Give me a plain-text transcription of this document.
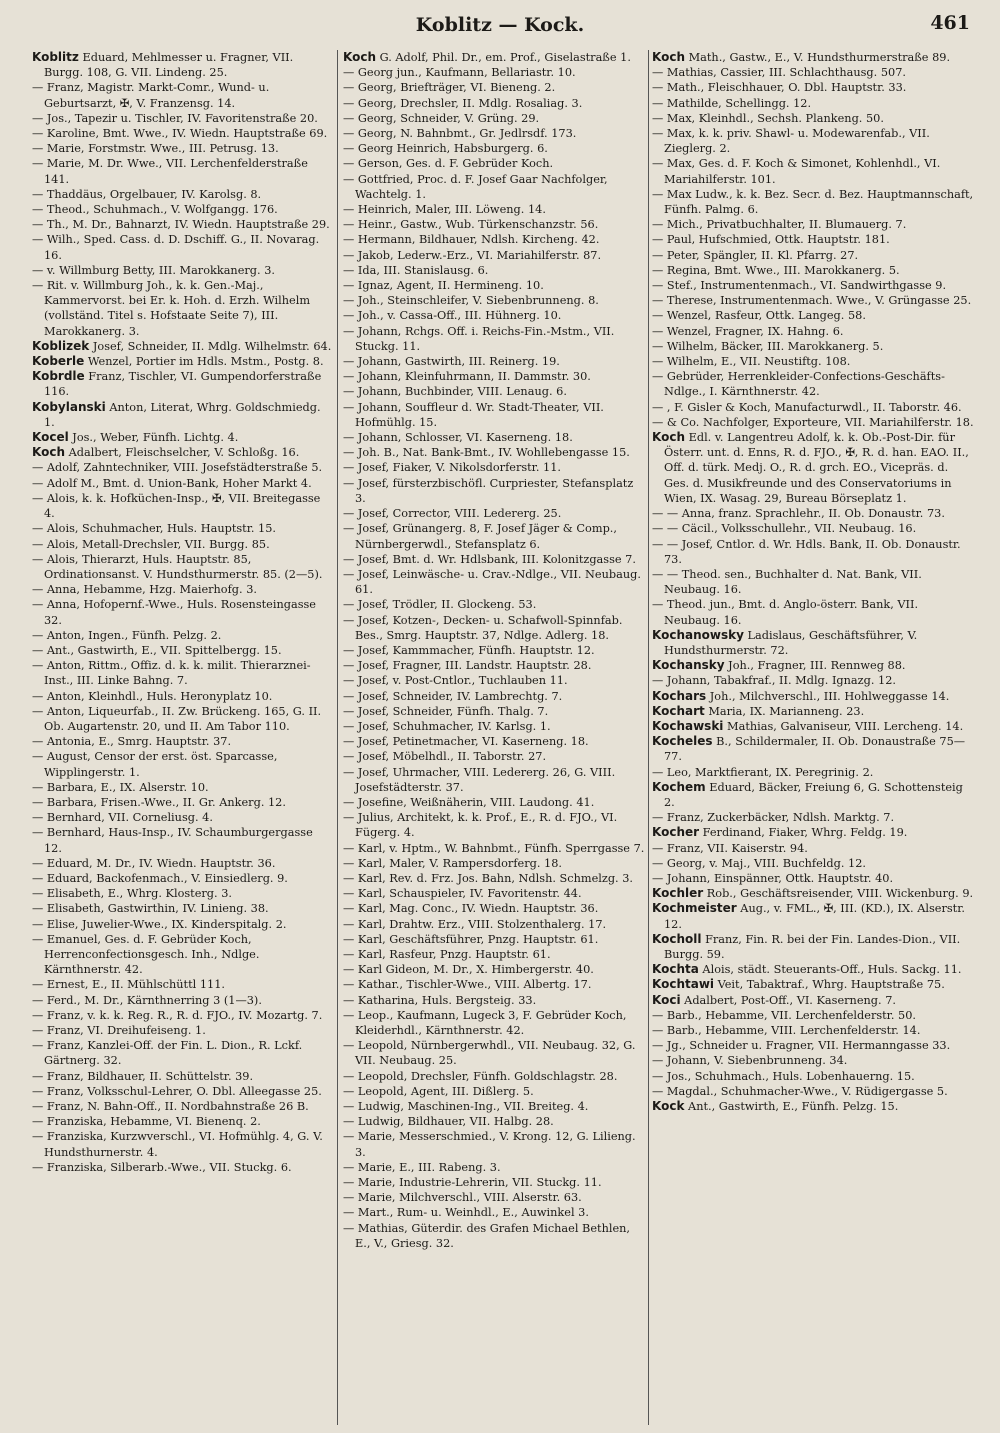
Koblitz — Kock.	461

Koblitz Eduard, Mehlmesser u. Fragner, VII. Burgg. 108, G. VII. Lindeng. 25.

— Franz, Magistr. Markt-Comr., Wund- u. Geburtsarzt, ✠, V. Franzensg. 14.

— Jos., Tapezir u. Tischler, IV. Favoritenstraße 20.

— Karoline, Bmt. Wwe., IV. Wiedn. Hauptstraße 69.

— Marie, Forstmstr. Wwe., III. Petrusg. 13.

— Marie, M. Dr. Wwe., VII. Lerchenfelderstraße 141.

— Thaddäus, Orgelbauer, IV. Karolsg. 8.

— Theod., Schuhmach., V. Wolfgangg. 176.

— Th., M. Dr., Bahnarzt, IV. Wiedn. Hauptstraße 29.

— Wilh., Sped. Cass. d. D. Dschiff. G., II. Novarag. 16.

— v. Willmburg Betty, III. Marokkanerg. 3.

— Rit. v. Willmburg Joh., k. k. Gen.-Maj., Kammervorst. bei Er. k. Hoh. d. Erzh. Wilhelm (vollständ. Titel s. Hofstaate Seite 7), III. Marokkanerg. 3.

Koblizek Josef, Schneider, II. Mdlg. Wilhelmstr. 64.

Koberle Wenzel, Portier im Hdls. Mstm., Postg. 8.

Kobrdle Franz, Tischler, VI. Gumpendorferstraße 116.

Kobylanski Anton, Literat, Whrg. Goldschmiedg. 1.

Kocel Jos., Weber, Fünfh. Lichtg. 4.

Koch Adalbert, Fleischselcher, V. Schloßg. 16.

— Adolf, Zahntechniker, VIII. Josefstädterstraße 5.

— Adolf M., Bmt. d. Union-Bank, Hoher Markt 4.

— Alois, k. k. Hofküchen-Insp., ✠, VII. Breitegasse 4.

— Alois, Schuhmacher, Huls. Hauptstr. 15.

— Alois, Metall-Drechsler, VII. Burgg. 85.

— Alois, Thierarzt, Huls. Hauptstr. 85, Ordinationsanst. V. Hundsthurmerstr. 85. (2—5).

— Anna, Hebamme, Hzg. Maierhofg. 3.

— Anna, Hofopernf.-Wwe., Huls. Rosensteingasse 32.

— Anton, Ingen., Fünfh. Pelzg. 2.

— Ant., Gastwirth, E., VII. Spittelbergg. 15.

— Anton, Rittm., Offiz. d. k. k. milit. Thierarznei-Inst., III. Linke Bahng. 7.

— Anton, Kleinhdl., Huls. Heronyplatz 10.

— Anton, Liqueurfab., II. Zw. Brückeng. 165, G. II. Ob. Augartenstr. 20, und II. Am Tabor 110.

— Antonia, E., Smrg. Hauptstr. 37.

— August, Censor der erst. öst. Sparcasse, Wipplingerstr. 1.

— Barbara, E., IX. Alserstr. 10.

— Barbara, Frisen.-Wwe., II. Gr. Ankerg. 12.

— Bernhard, VII. Corneliusg. 4.

— Bernhard, Haus-Insp., IV. Schaumburgergasse 12.

— Eduard, M. Dr., IV. Wiedn. Hauptstr. 36.

— Eduard, Backofenmach., V. Einsiedlerg. 9.

— Elisabeth, E., Whrg. Klosterg. 3.

— Elisabeth, Gastwirthin, IV. Linieng. 38.

— Elise, Juwelier-Wwe., IX. Kinderspitalg. 2.

— Emanuel, Ges. d. F. Gebrüder Koch, Herrenconfectionsgesch. Inh., Ndlge. Kärnthnerstr. 42.

— Ernest, E., II. Mühlschüttl 111.

— Ferd., M. Dr., Kärnthnerring 3 (1—3).

— Franz, v. k. k. Reg. R., R. d. FJO., IV. Mozartg. 7.

— Franz, VI. Dreihufeiseng. 1.

— Franz, Kanzlei-Off. der Fin. L. Dion., R. Lckf. Gärtnerg. 32.

— Franz, Bildhauer, II. Schüttelstr. 39.

— Franz, Volksschul-Lehrer, O. Dbl. Alleegasse 25.

— Franz, N. Bahn-Off., II. Nordbahnstraße 26 B.

— Franziska, Hebamme, VI. Bienenq. 2.

— Franziska, Kurzwverschl., VI. Hofmühlg. 4, G. V. Hundsthurnerstr. 4.

— Franziska, Silberarb.-Wwe., VII. Stuckg. 6.

Koch G. Adolf, Phil. Dr., em. Prof., Giselastraße 1.

— Georg jun., Kaufmann, Bellariastr. 10.

— Georg, Briefträger, VI. Bieneng. 2.

— Georg, Drechsler, II. Mdlg. Rosaliag. 3.

— Georg, Schneider, V. Grüng. 29.

— Georg, N. Bahnbmt., Gr. Jedlrsdf. 173.

— Georg Heinrich, Habsburgerg. 6.

— Gerson, Ges. d. F. Gebrüder Koch.

— Gottfried, Proc. d. F. Josef Gaar Nachfolger, Wachtelg. 1.

— Heinrich, Maler, III. Löweng. 14.

— Heinr., Gastw., Wub. Türkenschanzstr. 56.

— Hermann, Bildhauer, Ndlsh. Kircheng. 42.

— Jakob, Lederw.-Erz., VI. Mariahilferstr. 87.

— Ida, III. Stanislausg. 6.

— Ignaz, Agent, II. Hermineng. 10.

— Joh., Steinschleifer, V. Siebenbrunneng. 8.

— Joh., v. Cassa-Off., III. Hühnerg. 10.

— Johann, Rchgs. Off. i. Reichs-Fin.-Mstm., VII. Stuckg. 11.

— Johann, Gastwirth, III. Reinerg. 19.

— Johann, Kleinfuhrmann, II. Dammstr. 30.

— Johann, Buchbinder, VIII. Lenaug. 6.

— Johann, Souffleur d. Wr. Stadt-Theater, VII. Hofmühlg. 15.

— Johann, Schlosser, VI. Kaserneng. 18.

— Joh. B., Nat. Bank-Bmt., IV. Wohllebengasse 15.

— Josef, Fiaker, V. Nikolsdorferstr. 11.

— Josef, fürsterzbischöfl. Curpriester, Stefansplatz 3.

— Josef, Corrector, VIII. Ledererg. 25.

— Josef, Grünangerg. 8, F. Josef Jäger & Comp., Nürnbergerwdl., Stefansplatz 6.

— Josef, Bmt. d. Wr. Hdlsbank, III. Kolonitzgasse 7.

— Josef, Leinwäsche- u. Crav.-Ndlge., VII. Neubaug. 61.

— Josef, Trödler, II. Glockeng. 53.

— Josef, Kotzen-, Decken- u. Schafwoll-Spinnfab. Bes., Smrg. Hauptstr. 37, Ndlge. Adlerg. 18.

— Josef, Kammmacher, Fünfh. Hauptstr. 12.

— Josef, Fragner, III. Landstr. Hauptstr. 28.

— Josef, v. Post-Cntlor., Tuchlauben 11.

— Josef, Schneider, IV. Lambrechtg. 7.

— Josef, Schneider, Fünfh. Thalg. 7.

— Josef, Schuhmacher, IV. Karlsg. 1.

— Josef, Petinetmacher, VI. Kaserneng. 18.

— Josef, Möbelhdl., II. Taborstr. 27.

— Josef, Uhrmacher, VIII. Ledererg. 26, G. VIII. Josefstädterstr. 37.

— Josefine, Weißnäherin, VIII. Laudong. 41.

— Julius, Architekt, k. k. Prof., E., R. d. FJO., VI. Fügerg. 4.

— Karl, v. Hptm., W. Bahnbmt., Fünfh. Sperrgasse 7.

— Karl, Maler, V. Rampersdorferg. 18.

— Karl, Rev. d. Frz. Jos. Bahn, Ndlsh. Schmelzg. 3.

— Karl, Schauspieler, IV. Favoritenstr. 44.

— Karl, Mag. Conc., IV. Wiedn. Hauptstr. 36.

— Karl, Drahtw. Erz., VIII. Stolzenthalerg. 17.

— Karl, Geschäftsführer, Pnzg. Hauptstr. 61.

— Karl, Rasfeur, Pnzg. Hauptstr. 61.

— Karl Gideon, M. Dr., X. Himbergerstr. 40.

— Kathar., Tischler-Wwe., VIII. Albertg. 17.

— Katharina, Huls. Bergsteig. 33.

— Leop., Kaufmann, Lugeck 3, F. Gebrüder Koch, Kleiderhdl., Kärnthnerstr. 42.

— Leopold, Nürnbergerwhdl., VII. Neubaug. 32, G. VII. Neubaug. 25.

— Leopold, Drechsler, Fünfh. Goldschlagstr. 28.

— Leopold, Agent, III. Dißlerg. 5.

— Ludwig, Maschinen-Ing., VII. Breiteg. 4.

— Ludwig, Bildhauer, VII. Halbg. 28.

— Marie, Messerschmied., V. Krong. 12, G. Lilieng. 3.

— Marie, E., III. Rabeng. 3.

— Marie, Industrie-Lehrerin, VII. Stuckg. 11.

— Marie, Milchverschl., VIII. Alserstr. 63.

— Mart., Rum- u. Weinhdl., E., Auwinkel 3.

— Mathias, Güterdir. des Grafen Michael Bethlen, E., V., Griesg. 32.

Koch Math., Gastw., E., V. Hundsthurmerstraße 89.

— Mathias, Cassier, III. Schlachthausg. 507.

— Math., Fleischhauer, O. Dbl. Hauptstr. 33.

— Mathilde, Schellingg. 12.

— Max, Kleinhdl., Sechsh. Plankeng. 50.

— Max, k. k. priv. Shawl- u. Modewarenfab., VII. Zieglerg. 2.

— Max, Ges. d. F. Koch & Simonet, Kohlenhdl., VI. Mariahilferstr. 101.

— Max Ludw., k. k. Bez. Secr. d. Bez. Hauptmannschaft, Fünfh. Palmg. 6.

— Mich., Privatbuchhalter, II. Blumauerg. 7.

— Paul, Hufschmied, Ottk. Hauptstr. 181.

— Peter, Spängler, II. Kl. Pfarrg. 27.

— Regina, Bmt. Wwe., III. Marokkanerg. 5.

— Stef., Instrumentenmach., VI. Sandwirthgasse 9.

— Therese, Instrumentenmach. Wwe., V. Grüngasse 25.

— Wenzel, Rasfeur, Ottk. Langeg. 58.

— Wenzel, Fragner, IX. Hahng. 6.

— Wilhelm, Bäcker, III. Marokkanerg. 5.

— Wilhelm, E., VII. Neustiftg. 108.

— Gebrüder, Herrenkleider-Confections-Geschäfts-Ndlge., I. Kärnthnerstr. 42.

— , F. Gisler & Koch, Manufacturwdl., II. Taborstr. 46.

— & Co. Nachfolger, Exporteure, VII. Mariahilferstr. 18.

Koch Edl. v. Langentreu Adolf, k. k. Ob.-Post-Dir. für Österr. unt. d. Enns, R. d. FJO., ✠, R. d. han. EAO. II., Off. d. türk. Medj. O., R. d. grch. EO., Vicepräs. d. Ges. d. Musikfreunde und des Conservatoriums in Wien, IX. Wasag. 29, Bureau Börseplatz 1.

— — Anna, franz. Sprachlehr., II. Ob. Donaustr. 73.

— — Cäcil., Volksschullehr., VII. Neubaug. 16.

— — Josef, Cntlor. d. Wr. Hdls. Bank, II. Ob. Donaustr. 73.

— — Theod. sen., Buchhalter d. Nat. Bank, VII. Neubaug. 16.

— Theod. jun., Bmt. d. Anglo-österr. Bank, VII. Neubaug. 16.

Kochanowsky Ladislaus, Geschäftsführer, V. Hundsthurmerstr. 72.

Kochansky Joh., Fragner, III. Rennweg 88.

— Johann, Tabakfraf., II. Mdlg. Ignazg. 12.

Kochars Joh., Milchverschl., III. Hohlweggasse 14.

Kochart Maria, IX. Marianneng. 23.

Kochawski Mathias, Galvaniseur, VIII. Lercheng. 14.

Kocheles B., Schildermaler, II. Ob. Donaustraße 75—77.

— Leo, Marktfierant, IX. Peregrinig. 2.

Kochem Eduard, Bäcker, Freiung 6, G. Schottensteig 2.

— Franz, Zuckerbäcker, Ndlsh. Marktg. 7.

Kocher Ferdinand, Fiaker, Whrg. Feldg. 19.

— Franz, VII. Kaiserstr. 94.

— Georg, v. Maj., VIII. Buchfeldg. 12.

— Johann, Einspänner, Ottk. Hauptstr. 40.

Kochler Rob., Geschäftsreisender, VIII. Wickenburg. 9.

Kochmeister Aug., v. FML., ✠, III. (KD.), IX. Alserstr. 12.

Kocholl Franz, Fin. R. bei der Fin. Landes-Dion., VII. Burgg. 59.

Kochta Alois, städt. Steuerants-Off., Huls. Sackg. 11.

Kochtawi Veit, Tabaktraf., Whrg. Hauptstraße 75.

Koci Adalbert, Post-Off., VI. Kaserneng. 7.

— Barb., Hebamme, VII. Lerchenfelderstr. 50.

— Barb., Hebamme, VIII. Lerchenfelderstr. 14.

— Jg., Schneider u. Fragner, VII. Hermanngasse 33.

— Johann, V. Siebenbrunneng. 34.

— Jos., Schuhmach., Huls. Lobenhauerng. 15.

— Magdal., Schuhmacher-Wwe., V. Rüdigergasse 5.

Kock Ant., Gastwirth, E., Fünfh. Pelzg. 15.
